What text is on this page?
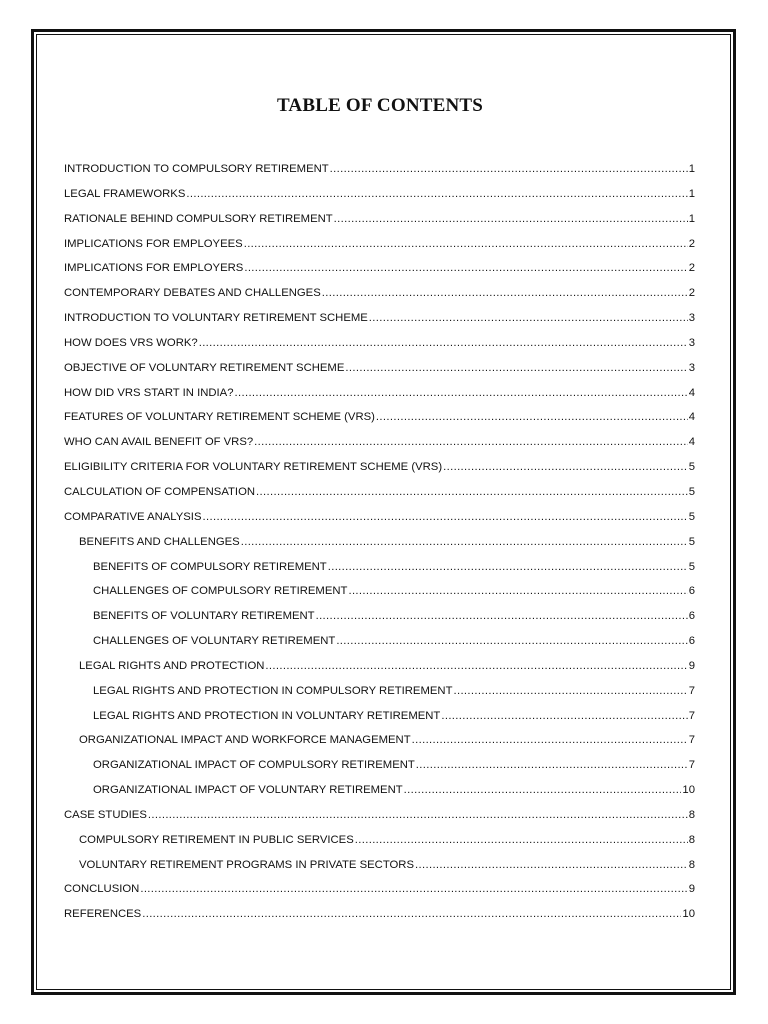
TABLE OF CONTENTS
INTRODUCTION TO COMPULSORY RETIREMENT .....	1
LEGAL FRAMEWORKS .....	1
RATIONALE BEHIND COMPULSORY RETIREMENT .....	1
IMPLICATIONS FOR EMPLOYEES .....	2
IMPLICATIONS FOR EMPLOYERS .....	2
CONTEMPORARY DEBATES AND CHALLENGES .....	2
INTRODUCTION TO VOLUNTARY RETIREMENT SCHEME .....	3
HOW DOES VRS WORK? .....	3
OBJECTIVE OF VOLUNTARY RETIREMENT SCHEME .....	3
HOW DID VRS START IN INDIA? .....	4
FEATURES OF VOLUNTARY RETIREMENT SCHEME (VRS) .....	4
WHO CAN AVAIL BENEFIT OF VRS? .....	4
ELIGIBILITY CRITERIA FOR VOLUNTARY RETIREMENT SCHEME (VRS) .....	5
CALCULATION OF COMPENSATION .....	5
COMPARATIVE ANALYSIS .....	5
BENEFITS AND CHALLENGES .....	5
BENEFITS OF COMPULSORY RETIREMENT .....	5
CHALLENGES OF COMPULSORY RETIREMENT .....	6
BENEFITS OF VOLUNTARY RETIREMENT .....	6
CHALLENGES OF VOLUNTARY RETIREMENT .....	6
LEGAL RIGHTS AND PROTECTION .....	9
LEGAL RIGHTS AND PROTECTION IN COMPULSORY RETIREMENT .....	7
LEGAL RIGHTS AND PROTECTION IN VOLUNTARY RETIREMENT .....	7
ORGANIZATIONAL IMPACT AND WORKFORCE MANAGEMENT .....	7
ORGANIZATIONAL IMPACT OF COMPULSORY RETIREMENT .....	7
ORGANIZATIONAL IMPACT OF VOLUNTARY RETIREMENT .....	10
CASE STUDIES .....	8
COMPULSORY RETIREMENT IN PUBLIC SERVICES .....	8
VOLUNTARY RETIREMENT PROGRAMS IN PRIVATE SECTORS .....	8
CONCLUSION .....	9
REFERENCES .....	10
